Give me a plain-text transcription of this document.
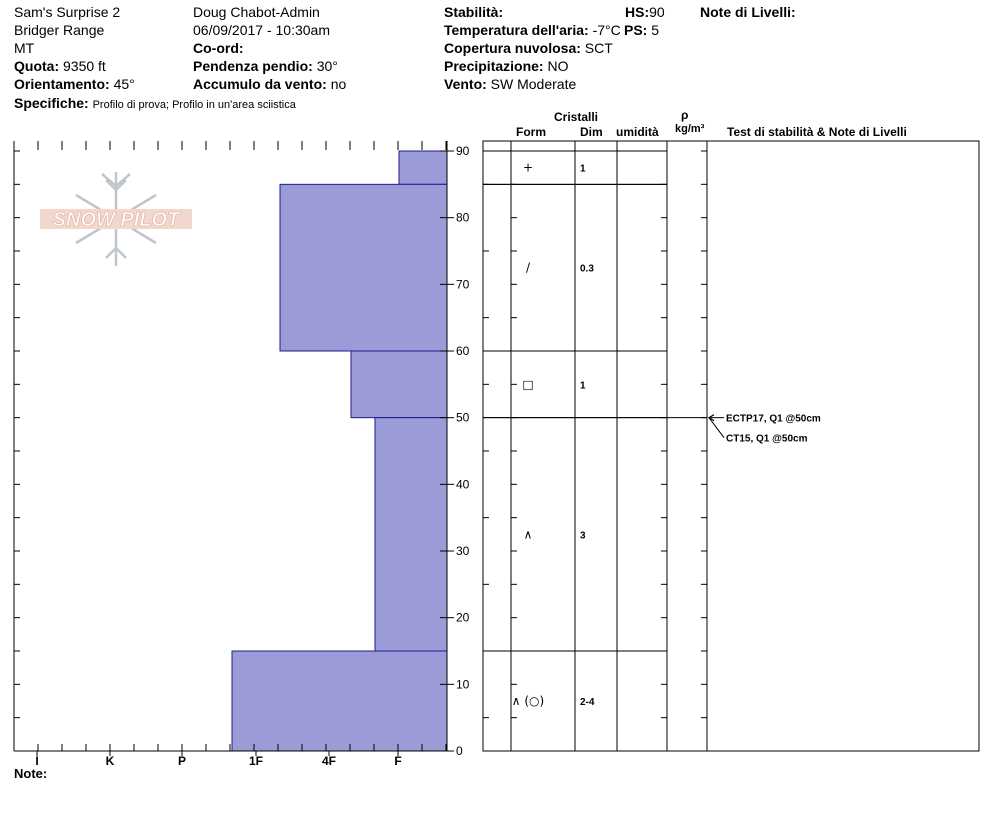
Sam's Surprise 2
Bridger Range
MT
Quota: 9350 ft
Orientamento: 45°
Specifiche: Profilo di prova; Profilo in un'area sciistica
Doug Chabot-Admin
06/09/2017 - 10:30am
Co-ord:
Pendenza pendio: 30°
Accumulo da vento: no
Stabilità:
Temperatura dell'aria: -7°C
Copertura nuvolosa: SCT
Precipitazione: NO
Vento: SW Moderate
HS:90
PS: 5
Note di Livelli:
Cristalli
Form	Dim umidità
ρ
kg/m³ Test di stabilità & Note di Livelli
SNOW PILOT
0
10
20
30
40
50
60
70
80
90
I	K	P	1F	4F	F
+	1
/	0.3
□	1
∧	3
∧ (○)	2-4
ECTP17, Q1 @50cm
CT15, Q1 @50cm
Note:
